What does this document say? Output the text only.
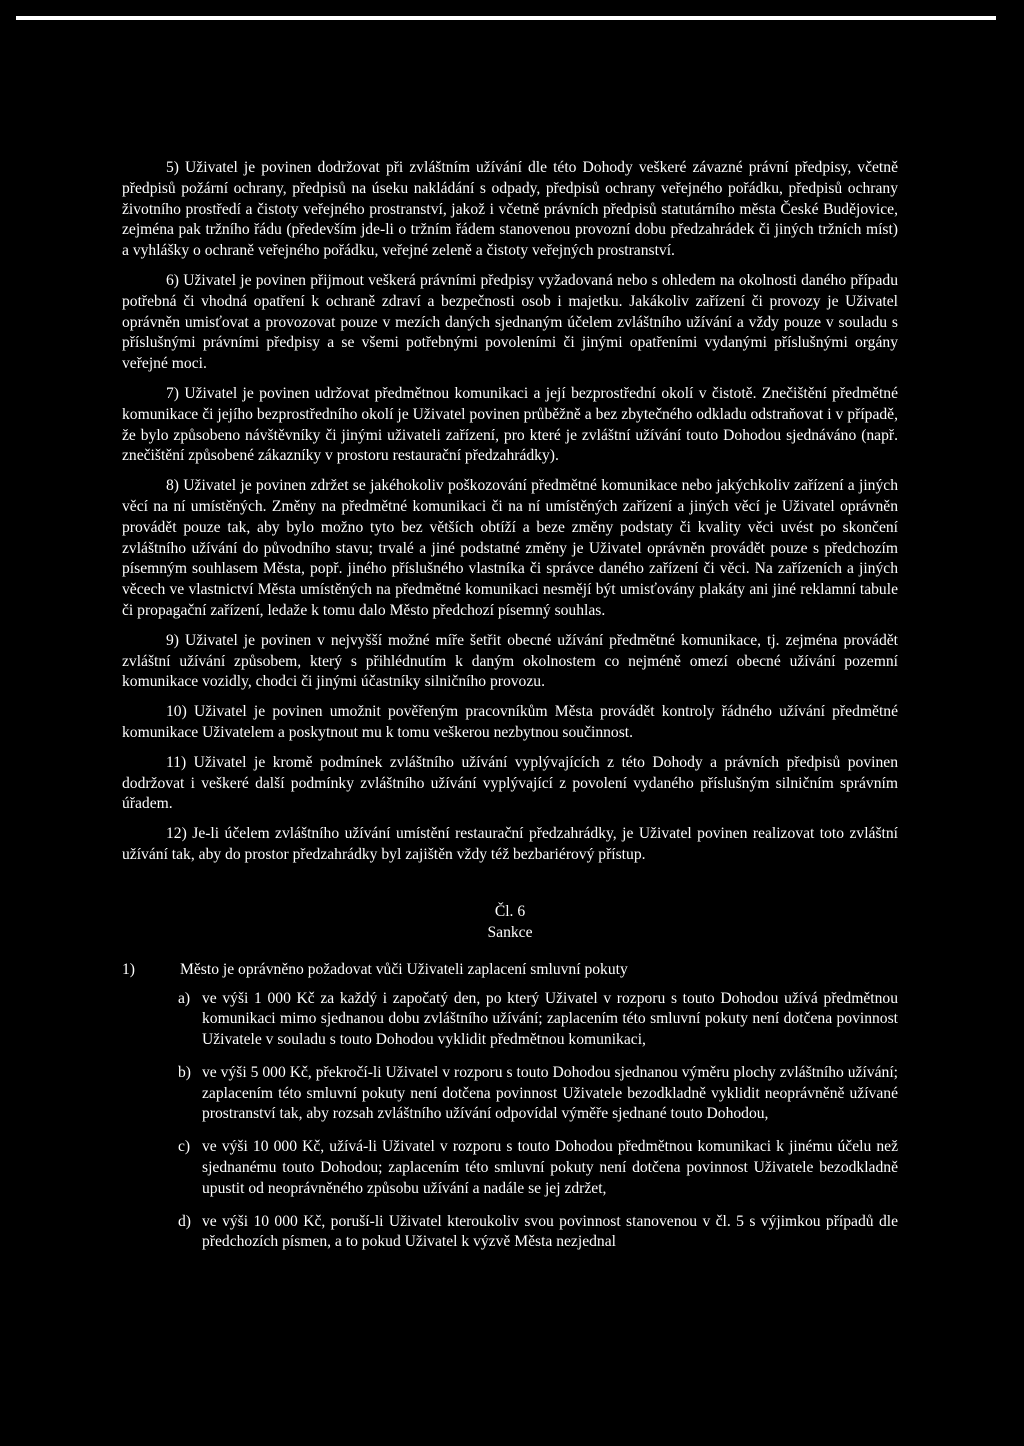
5) Uživatel je povinen dodržovat při zvláštním užívání dle této Dohody veškeré závazné právní předpisy, včetně předpisů požární ochrany, předpisů na úseku nakládání s odpady, předpisů ochrany veřejného pořádku, předpisů ochrany životního prostředí a čistoty veřejného prostranství, jakož i včetně právních předpisů statutárního města České Budějovice, zejména pak tržního řádu (především jde-li o tržním řádem stanovenou provozní dobu předzahrádek či jiných tržních míst) a vyhlášky o ochraně veřejného pořádku, veřejné zeleně a čistoty veřejných prostranství.

6) Uživatel je povinen přijmout veškerá právními předpisy vyžadovaná nebo s ohledem na okolnosti daného případu potřebná či vhodná opatření k ochraně zdraví a bezpečnosti osob i majetku. Jakákoliv zařízení či provozy je Uživatel oprávněn umisťovat a provozovat pouze v mezích daných sjednaným účelem zvláštního užívání a vždy pouze v souladu s příslušnými právními předpisy a se všemi potřebnými povoleními či jinými opatřeními vydanými příslušnými orgány veřejné moci.

7) Uživatel je povinen udržovat předmětnou komunikaci a její bezprostřední okolí v čistotě. Znečištění předmětné komunikace či jejího bezprostředního okolí je Uživatel povinen průběžně a bez zbytečného odkladu odstraňovat i v případě, že bylo způsobeno návštěvníky či jinými uživateli zařízení, pro které je zvláštní užívání touto Dohodou sjednáváno (např. znečištění způsobené zákazníky v prostoru restaurační předzahrádky).

8) Uživatel je povinen zdržet se jakéhokoliv poškozování předmětné komunikace nebo jakýchkoliv zařízení a jiných věcí na ní umístěných. Změny na předmětné komunikaci či na ní umístěných zařízení a jiných věcí je Uživatel oprávněn provádět pouze tak, aby bylo možno tyto bez větších obtíží a beze změny podstaty či kvality věci uvést po skončení zvláštního užívání do původního stavu; trvalé a jiné podstatné změny je Uživatel oprávněn provádět pouze s předchozím písemným souhlasem Města, popř. jiného příslušného vlastníka či správce daného zařízení či věci. Na zařízeních a jiných věcech ve vlastnictví Města umístěných na předmětné komunikaci nesmějí být umisťovány plakáty ani jiné reklamní tabule či propagační zařízení, ledaže k tomu dalo Město předchozí písemný souhlas.

9) Uživatel je povinen v nejvyšší možné míře šetřit obecné užívání předmětné komunikace, tj. zejména provádět zvláštní užívání způsobem, který s přihlédnutím k daným okolnostem co nejméně omezí obecné užívání pozemní komunikace vozidly, chodci či jinými účastníky silničního provozu.

10) Uživatel je povinen umožnit pověřeným pracovníkům Města provádět kontroly řádného užívání předmětné komunikace Uživatelem a poskytnout mu k tomu veškerou nezbytnou součinnost.

11) Uživatel je kromě podmínek zvláštního užívání vyplývajících z této Dohody a právních předpisů povinen dodržovat i veškeré další podmínky zvláštního užívání vyplývající z povolení vydaného příslušným silničním správním úřadem.

12) Je-li účelem zvláštního užívání umístění restaurační předzahrádky, je Uživatel povinen realizovat toto zvláštní užívání tak, aby do prostor předzahrádky byl zajištěn vždy též bezbariérový přístup.

Čl. 6
Sankce
1)	Město je oprávněno požadovat vůči Uživateli zaplacení smluvní pokuty
a) ve výši 1 000 Kč za každý i započatý den, po který Uživatel v rozporu s touto Dohodou užívá předmětnou komunikaci mimo sjednanou dobu zvláštního užívání; zaplacením této smluvní pokuty není dotčena povinnost Uživatele v souladu s touto Dohodou vyklidit předmětnou komunikaci,
b) ve výši 5 000 Kč, překročí-li Uživatel v rozporu s touto Dohodou sjednanou výměru plochy zvláštního užívání; zaplacením této smluvní pokuty není dotčena povinnost Uživatele bezodkladně vyklidit neoprávněně užívané prostranství tak, aby rozsah zvláštního užívání odpovídal výměře sjednané touto Dohodou,
c) ve výši 10 000 Kč, užívá-li Uživatel v rozporu s touto Dohodou předmětnou komunikaci k jinému účelu než sjednanému touto Dohodou; zaplacením této smluvní pokuty není dotčena povinnost Uživatele bezodkladně upustit od neoprávněného způsobu užívání a nadále se jej zdržet,
d) ve výši 10 000 Kč, poruší-li Uživatel kteroukoliv svou povinnost stanovenou v čl. 5 s výjimkou případů dle předchozích písmen, a to pokud Uživatel k výzvě Města nezjednal
